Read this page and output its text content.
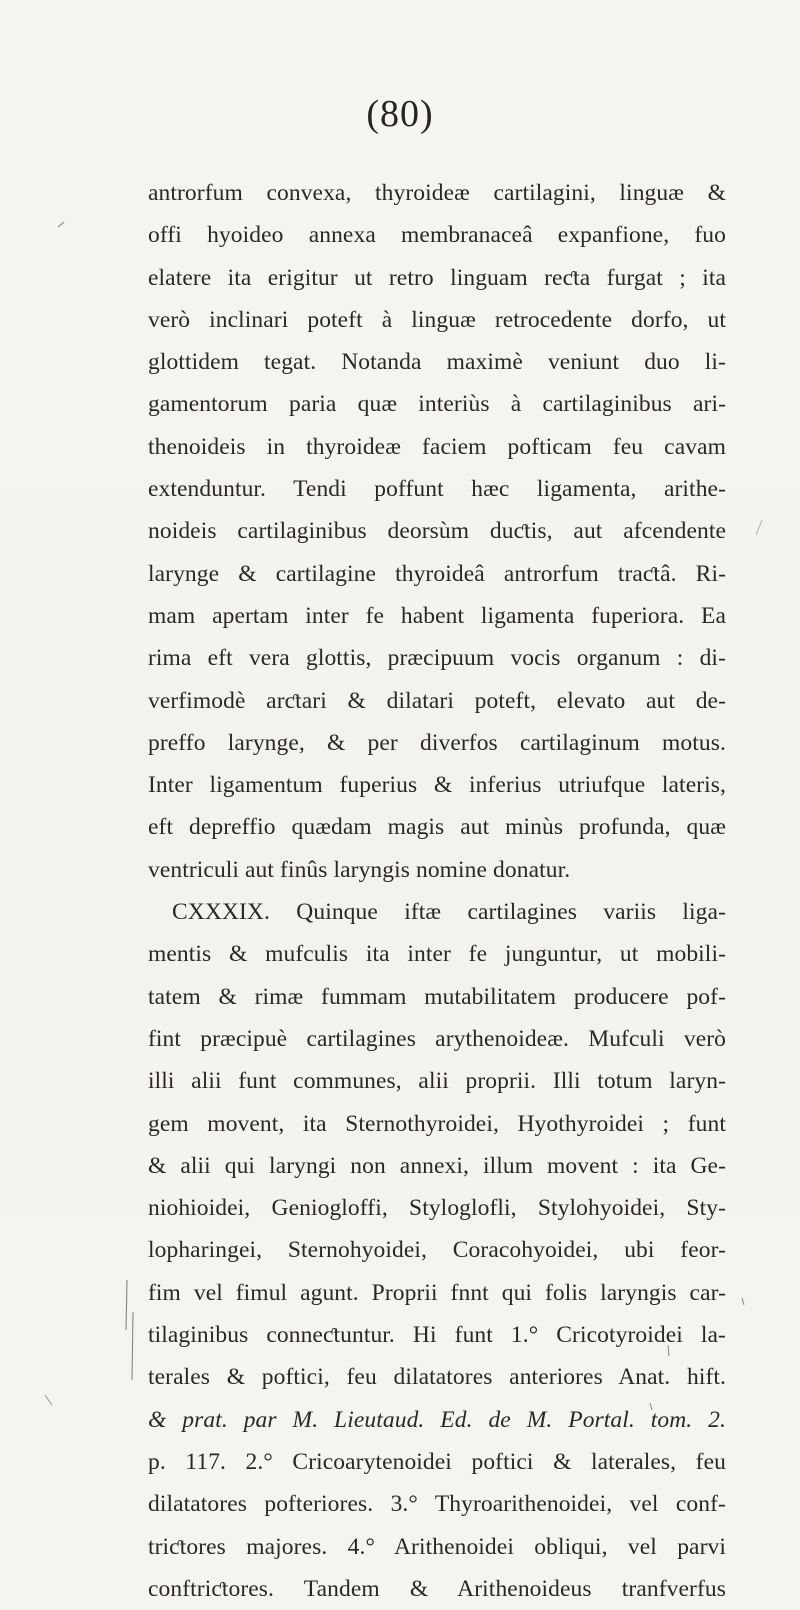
(80)
antrorfum convexa, thyroideæ cartilagini, linguæ &
offi hyoideo annexa membranaceâ expanfione, fuo
elatere ita erigitur ut retro linguam reƈta furgat ; ita
verò inclinari poteft à linguæ retrocedente dorfo, ut
glottidem tegat. Notanda maximè veniunt duo li-
gamentorum paria quæ interiùs à cartilaginibus ari-
thenoideis in thyroideæ faciem pofticam feu cavam
extenduntur. Tendi poffunt hæc ligamenta, arithe-
noideis cartilaginibus deorsùm duƈtis, aut afcendente
larynge & cartilagine thyroideâ antrorfum traƈtâ. Ri-
mam apertam inter fe habent ligamenta fuperiora. Ea
rima eft vera glottis, præcipuum vocis organum : di-
verfimodè arƈtari & dilatari poteft, elevato aut de-
preffo larynge, & per diverfos cartilaginum motus.
Inter ligamentum fuperius & inferius utriufque lateris,
eft depreffio quædam magis aut minùs profunda, quæ
ventriculi aut finûs laryngis nomine donatur.
CXXXIX. Quinque iftæ cartilagines variis liga-
mentis & mufculis ita inter fe junguntur, ut mobili-
tatem & rimæ fummam mutabilitatem producere pof-
fint præcipuè cartilagines arythenoideæ. Mufculi verò
illi alii funt communes, alii proprii. Illi totum laryn-
gem movent, ita Sternothyroidei, Hyothyroidei ; funt
& alii qui laryngi non annexi, illum movent : ita Ge-
niohioidei, Geniogloffi, Styloglofli, Stylohyoidei, Sty-
lopharingei, Sternohyoidei, Coracohyoidei, ubi feor-
fim vel fimul agunt. Proprii fnnt qui folis laryngis car-
tilaginibus conneƈtuntur. Hi funt 1.° Cricotyroidei la-
terales & poftici, feu dilatatores anteriores Anat. hift.
& prat. par M. Lieutaud. Ed. de M. Portal. tom. 2.
p. 117. 2.° Cricoarytenoidei poftici & laterales, feu
dilatatores pofteriores. 3.° Thyroarithenoidei, vel conf-
triƈtores majores. 4.° Arithenoidei obliqui, vel parvi
conftriƈtores. Tandem & Arithenoideus tranfverfus
